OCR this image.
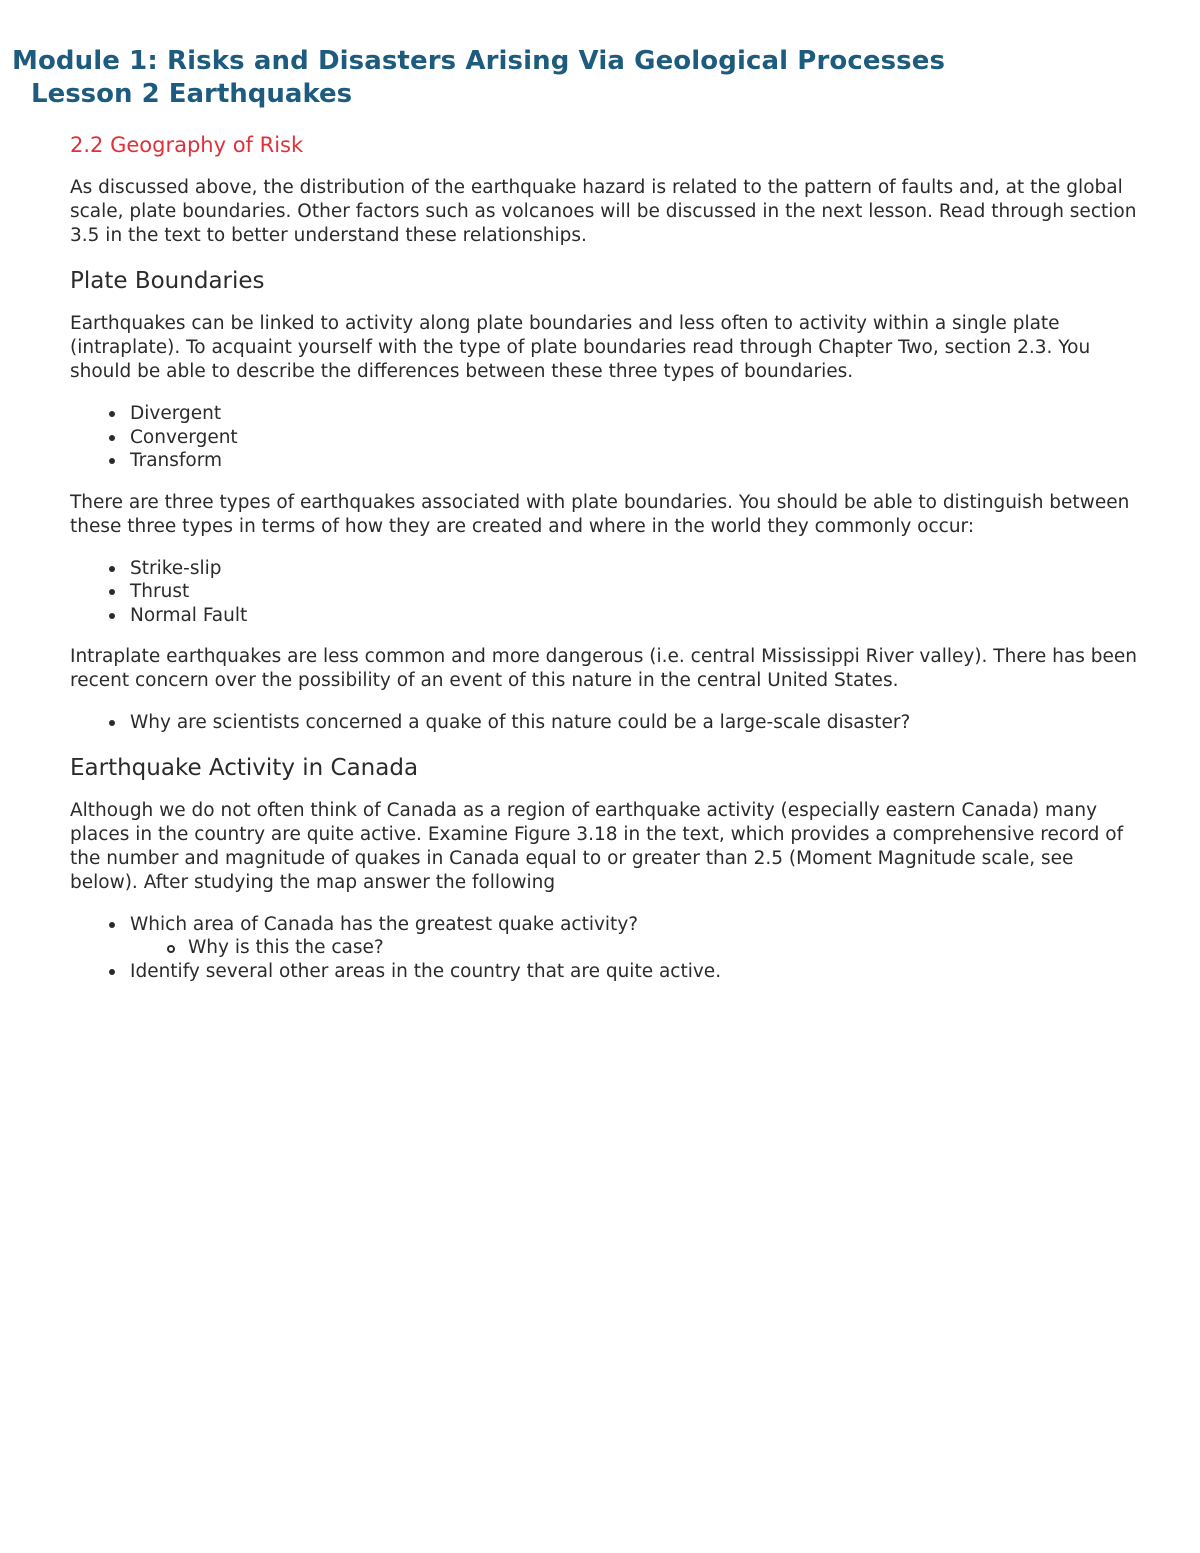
Module 1: Risks and Disasters Arising Via Geological Processes
Lesson 2 Earthquakes
2.2 Geography of Risk

As discussed above, the distribution of the earthquake hazard is related to the pattern of faults and, at the global scale, plate boundaries. Other factors such as volcanoes will be discussed in the next lesson. Read through section 3.5 in the text to better understand these relationships.

Plate Boundaries

Earthquakes can be linked to activity along plate boundaries and less often to activity within a single plate (intraplate). To acquaint yourself with the type of plate boundaries read through Chapter Two, section 2.3. You should be able to describe the differences between these three types of boundaries.

Divergent
Convergent
Transform

There are three types of earthquakes associated with plate boundaries. You should be able to distinguish between these three types in terms of how they are created and where in the world they commonly occur:

Strike-slip
Thrust
Normal Fault

Intraplate earthquakes are less common and more dangerous (i.e. central Mississippi River valley). There has been recent concern over the possibility of an event of this nature in the central United States.

Why are scientists concerned a quake of this nature could be a large-scale disaster?
Earthquake Activity in Canada

Although we do not often think of Canada as a region of earthquake activity (especially eastern Canada) many places in the country are quite active. Examine Figure 3.18 in the text, which provides a comprehensive record of the number and magnitude of quakes in Canada equal to or greater than 2.5 (Moment Magnitude scale, see below). After studying the map answer the following

Which area of Canada has the greatest quake activity?
Why is this the case?
Identify several other areas in the country that are quite active.
